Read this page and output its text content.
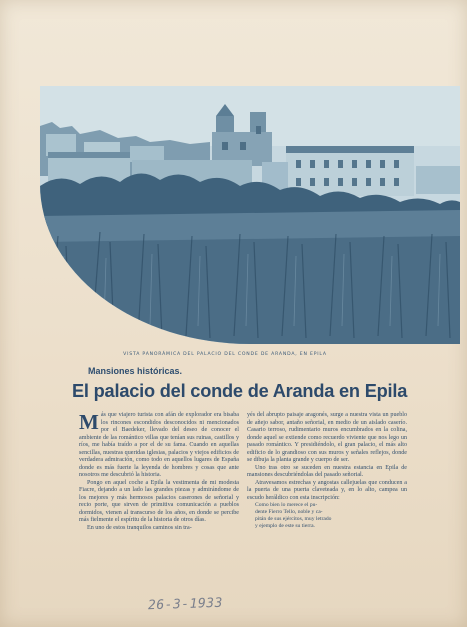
VISTA PANORÁMICA DEL PALACIO DEL CONDE DE ARANDA, EN EPILA
Mansiones históricas.
El palacio del conde de Aranda en Epila

Más que viajero turista con afán de explorador era bisaba los rincones escondidos desconocidos ni mencionados por el Baedeker, llevado del deseo de conocer el ambiente de las romántico villas que tenían sus ruinas, castillos y ríos, me había traído a por el de su fama. Cuando en aquellas sencillas, nuestras queridas iglesias, palacios y viejos edificios de verdadera admiración, como todo en aquellos lugares de España donde es más fuerte la leyenda de hombres y cosas que ante nosotros me descubrió la historia.

Pongo en aquel coche a Epila la vestimenta de mi modesta Fiacre, dejando a un lado las grandes piezas y admirándome de los mejores y más hermosos palacios caserones de señorial y recio porte, que sirven de primitiva comunicación a pueblos dormidos, vienen al transcurso de los años, en donde se percibe más fielmente el espíritu de la historia de otros días.

En uno de estos tranquilos caminos sin tra-

yés del abrupto paisaje aragonés, surge a nuestra vista un pueblo de añejo sabor, antaño señorial, en medio de un aislado caserío. Casario terroso, rudimentario muros encumbrados en la colina, donde aquel se extiende como recuerdo viviente que nos lego un pasado romántico. Y presidiéndolo, el gran palacio, el más alto edificio de lo grandioso con sus muros y señales reflejos, donde se dibuja la planta grande y cuerpo de ser.

Uno tras otro se suceden en nuestra estancia en Epila de mansiones descubriéndolas del pasado señorial.

Atravesamos estrechas y angostas callejuelas que conducen a la puerta de una puerta claveteada y, en lo alto, campea un escudo heráldico con esta inscripción:

Como bien lo merece el pu-
dente Fierro Tello, noble y ca-
pitán de sus ejércitos, muy letrado
y ejemplo de este su tierra.

26-3-1933
